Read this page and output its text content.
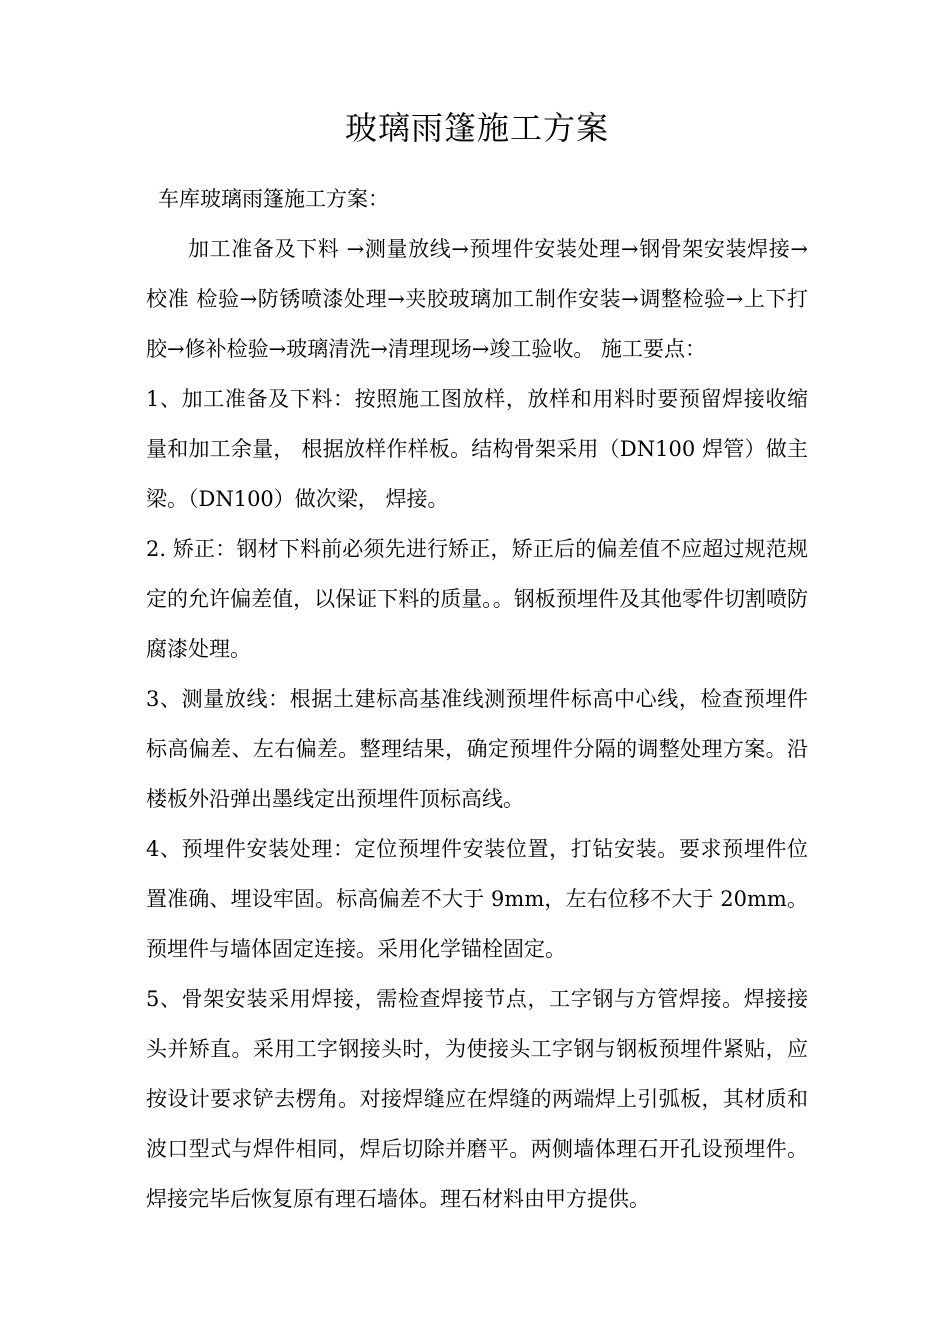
玻璃雨篷施工方案

车库玻璃雨篷施工方案：

加工准备及下料 →测量放线→预埋件安装处理→钢骨架安装焊接→校准 检验→防锈喷漆处理→夹胶玻璃加工制作安装→调整检验→上下打胶→修补检验→玻璃清洗→清理现场→竣工验收。 施工要点：

1、加工准备及下料：按照施工图放样，放样和用料时要预留焊接收缩量和加工余量， 根据放样作样板。结构骨架采用（DN100 焊管）做主梁。（DN100）做次梁， 焊接。

2. 矫正：钢材下料前必须先进行矫正，矫正后的偏差值不应超过规范规定的允许偏差值，以保证下料的质量。。钢板预埋件及其他零件切割喷防腐漆处理。

3、测量放线：根据土建标高基准线测预埋件标高中心线，检查预埋件标高偏差、左右偏差。整理结果，确定预埋件分隔的调整处理方案。沿楼板外沿弹出墨线定出预埋件顶标高线。

4、预埋件安装处理：定位预埋件安装位置，打钻安装。要求预埋件位置准确、埋设牢固。标高偏差不大于 9mm，左右位移不大于 20mm。预埋件与墙体固定连接。采用化学锚栓固定。

5、骨架安装采用焊接，需检查焊接节点，工字钢与方管焊接。焊接接头并矫直。采用工字钢接头时，为使接头工字钢与钢板预埋件紧贴，应按设计要求铲去楞角。对接焊缝应在焊缝的两端焊上引弧板，其材质和波口型式与焊件相同，焊后切除并磨平。两侧墙体理石开孔设预埋件。焊接完毕后恢复原有理石墙体。理石材料由甲方提供。
